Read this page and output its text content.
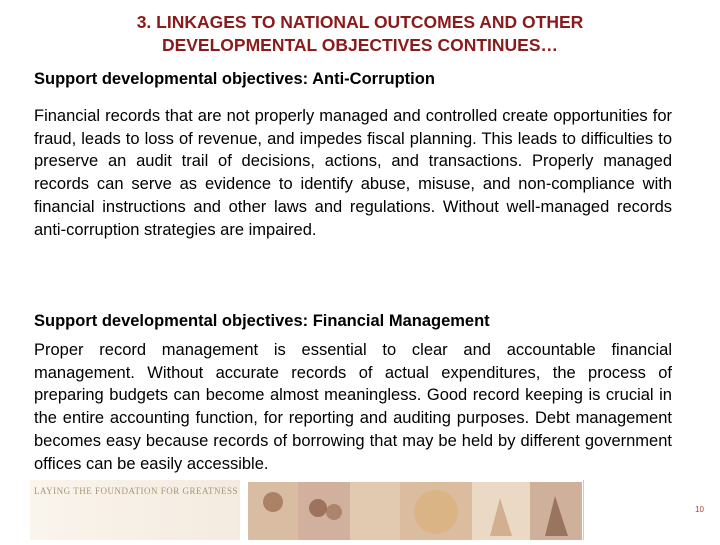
3. LINKAGES TO NATIONAL OUTCOMES AND OTHER DEVELOPMENTAL OBJECTIVES CONTINUES…
Support developmental objectives: Anti-Corruption
Financial records that are not properly managed and controlled create opportunities for fraud, leads to loss of revenue, and impedes fiscal planning. This leads to difficulties to preserve an audit trail of decisions, actions, and transactions. Properly managed records can serve as evidence to identify abuse, misuse, and non-compliance with financial instructions and other laws and regulations. Without well-managed records anti-corruption strategies are impaired.
Support developmental objectives: Financial Management
Proper record management is essential to clear and accountable financial management. Without accurate records of actual expenditures, the process of preparing budgets can become almost meaningless. Good record keeping is crucial in the entire accounting function, for reporting and auditing purposes. Debt management becomes easy because records of borrowing that may be held by different government offices can be easily accessible.
LAYING THE FOUNDATION FOR GREATNESS
10
